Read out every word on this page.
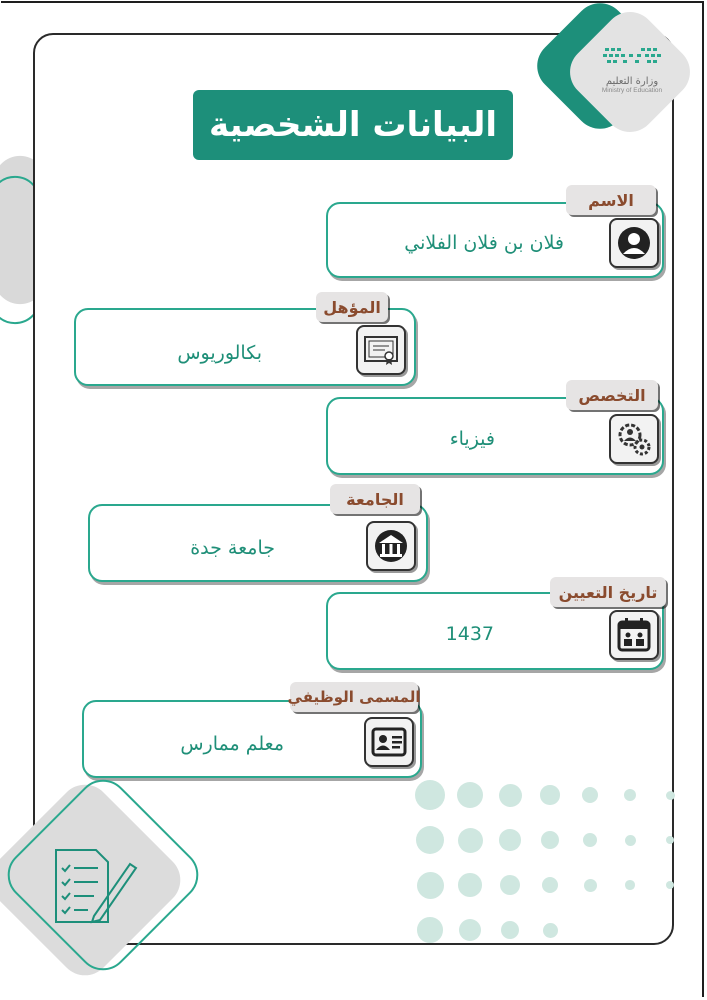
وزارة التعليم
Ministry of Education
البيانات الشخصية
الاسم
فلان بن فلان الفلاني
المؤهل
بكالوريوس
التخصص
فيزياء
الجامعة
جامعة جدة
تاريخ التعيين
1437
المسمى الوظيفي
معلم ممارس
